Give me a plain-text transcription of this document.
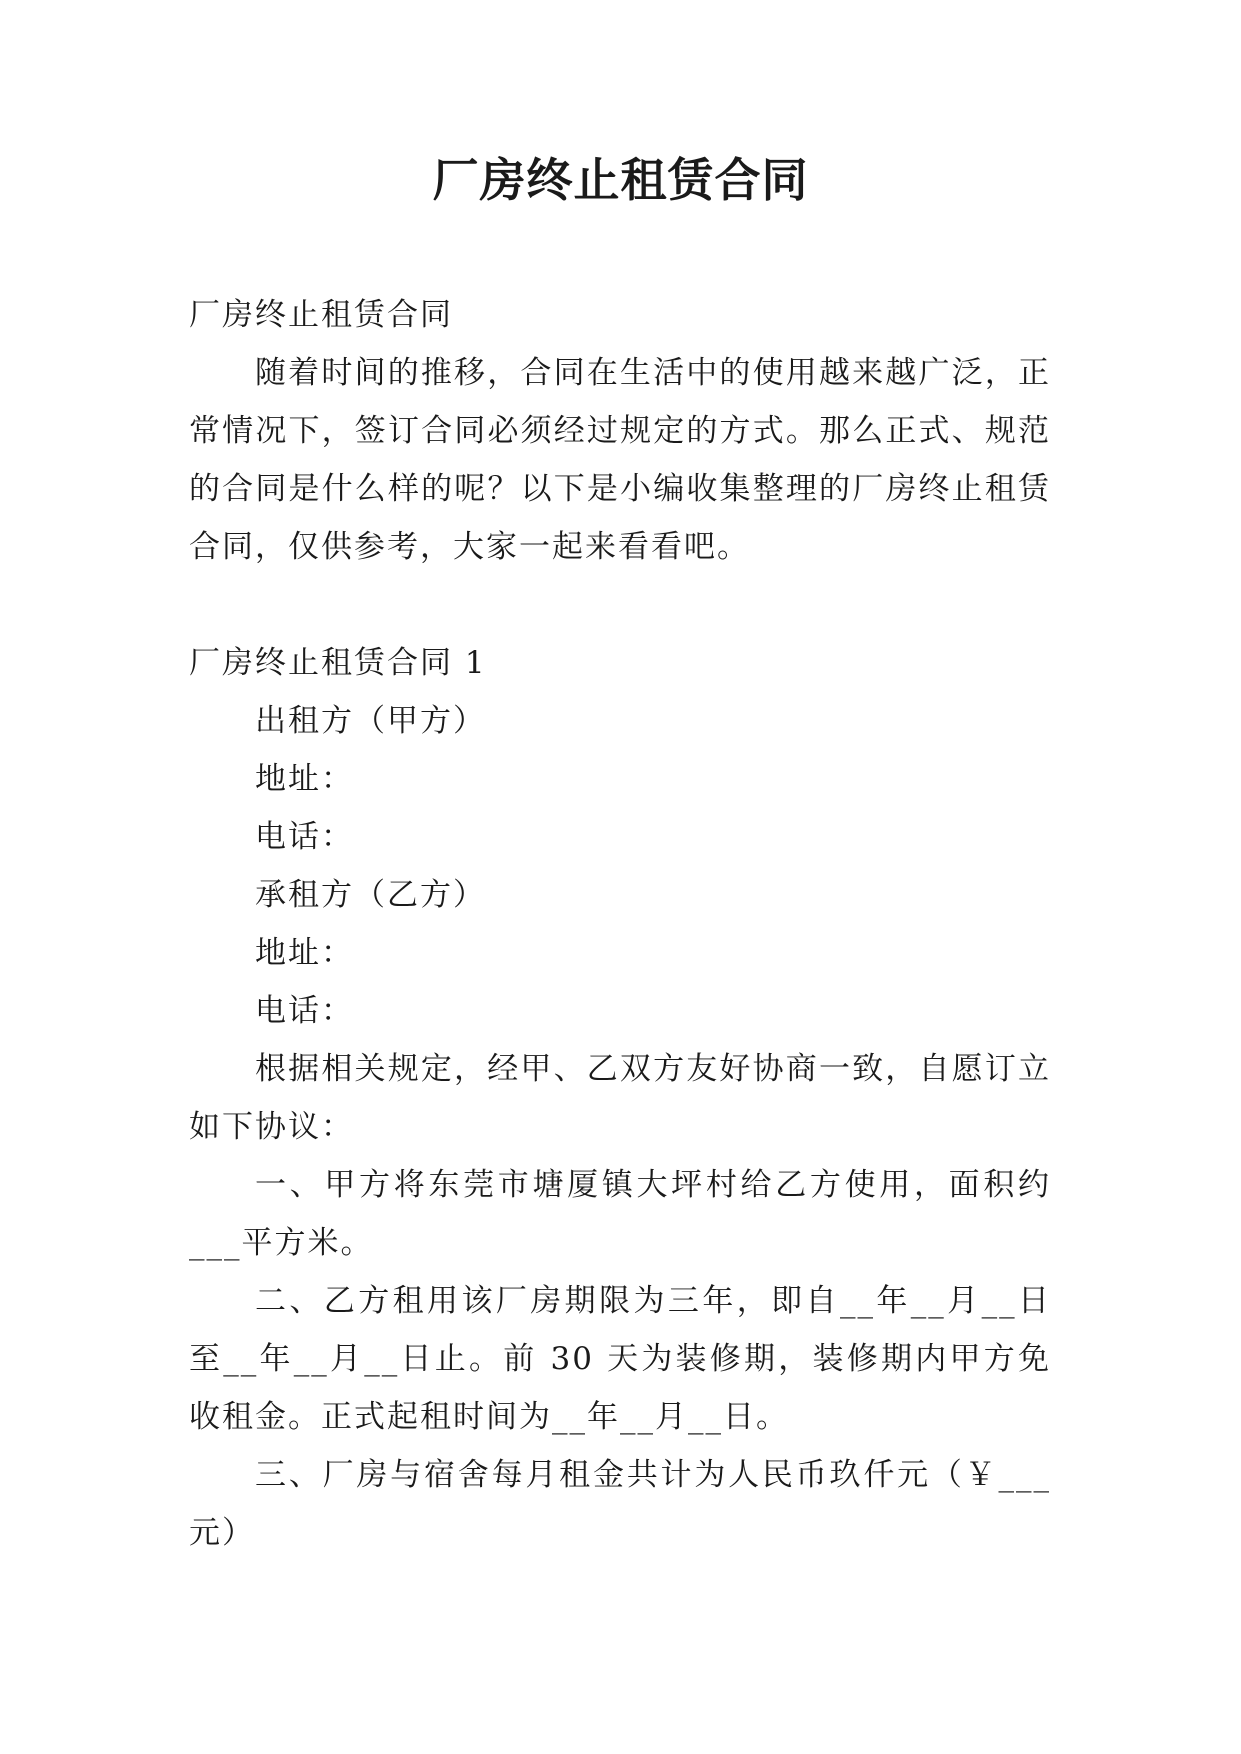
厂房终止租赁合同

厂房终止租赁合同

随着时间的推移，合同在生活中的使用越来越广泛，正常情况下，签订合同必须经过规定的方式。那么正式、规范的合同是什么样的呢？以下是小编收集整理的厂房终止租赁合同，仅供参考，大家一起来看看吧。

厂房终止租赁合同 1

出租方（甲方）

地址：

电话：

承租方（乙方）

地址：

电话：

根据相关规定，经甲、乙双方友好协商一致，自愿订立如下协议：

一、甲方将东莞市塘厦镇大坪村给乙方使用，面积约___平方米。

二、乙方租用该厂房期限为三年，即自__年__月__日至__年__月__日止。前 30 天为装修期，装修期内甲方免收租金。正式起租时间为__年__月__日。

三、厂房与宿舍每月租金共计为人民币玖仟元（￥___元）
